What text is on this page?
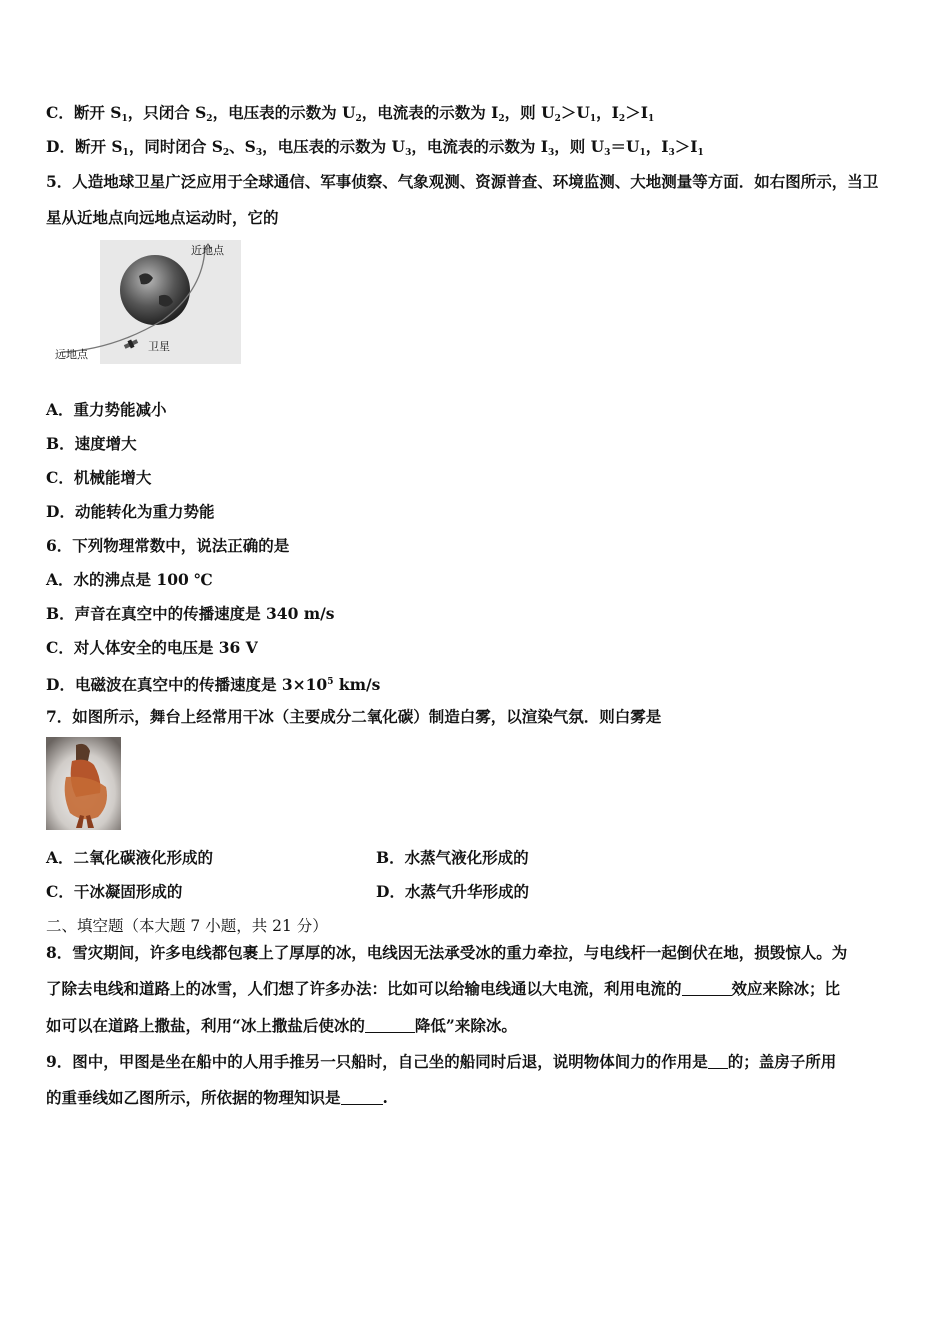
C．断开 $S_1$，只闭合 $S_2$，电压表的示数为 $U_2$，电流表的示数为 $I_2$，则 $U_2>U_1$，$I_2>I_1$
D．断开 $S_1$，同时闭合 $S_2$、$S_3$，电压表的示数为 $U_3$，电流表的示数为 $I_3$，则 $U_3=U_1$，$I_3>I_1$
5．人造地球卫星广泛应用于全球通信、军事侦察、气象观测、资源普查、环境监测、大地测量等方面．如右图所示，当卫
星从近地点向远地点运动时，它的
近地点
远地点
卫星
A．重力势能减小
B．速度增大
C．机械能增大
D．动能转化为重力势能
6．下列物理常数中，说法正确的是
A．水的沸点是 100 ℃
B．声音在真空中的传播速度是 340 m/s
C．对人体安全的电压是 36 V
D．电磁波在真空中的传播速度是 $3\times 10^5$ km/s
7．如图所示，舞台上经常用干冰（主要成分二氧化碳）制造白雾，以渲染气氛．则白雾是
A．二氧化碳液化形成的	B．水蒸气液化形成的
C．干冰凝固形成的	D．水蒸气升华形成的
二、填空题（本大题 7 小题，共 21 分）
8．雪灾期间，许多电线都包裹上了厚厚的冰，电线因无法承受冰的重力牵拉，与电线杆一起倒伏在地，损毁惊人。为
了除去电线和道路上的冰雪，人们想了许多办法：比如可以给输电线通以大电流，利用电流的	效应来除冰；比
如可以在道路上撒盐，利用“冰上撒盐后使冰的	降低”来除冰。
9．图中，甲图是坐在船中的人用手推另一只船时，自己坐的船同时后退，说明物体间力的作用是 的；盖房子所用
的重垂线如乙图所示，所依据的物理知识是	.
